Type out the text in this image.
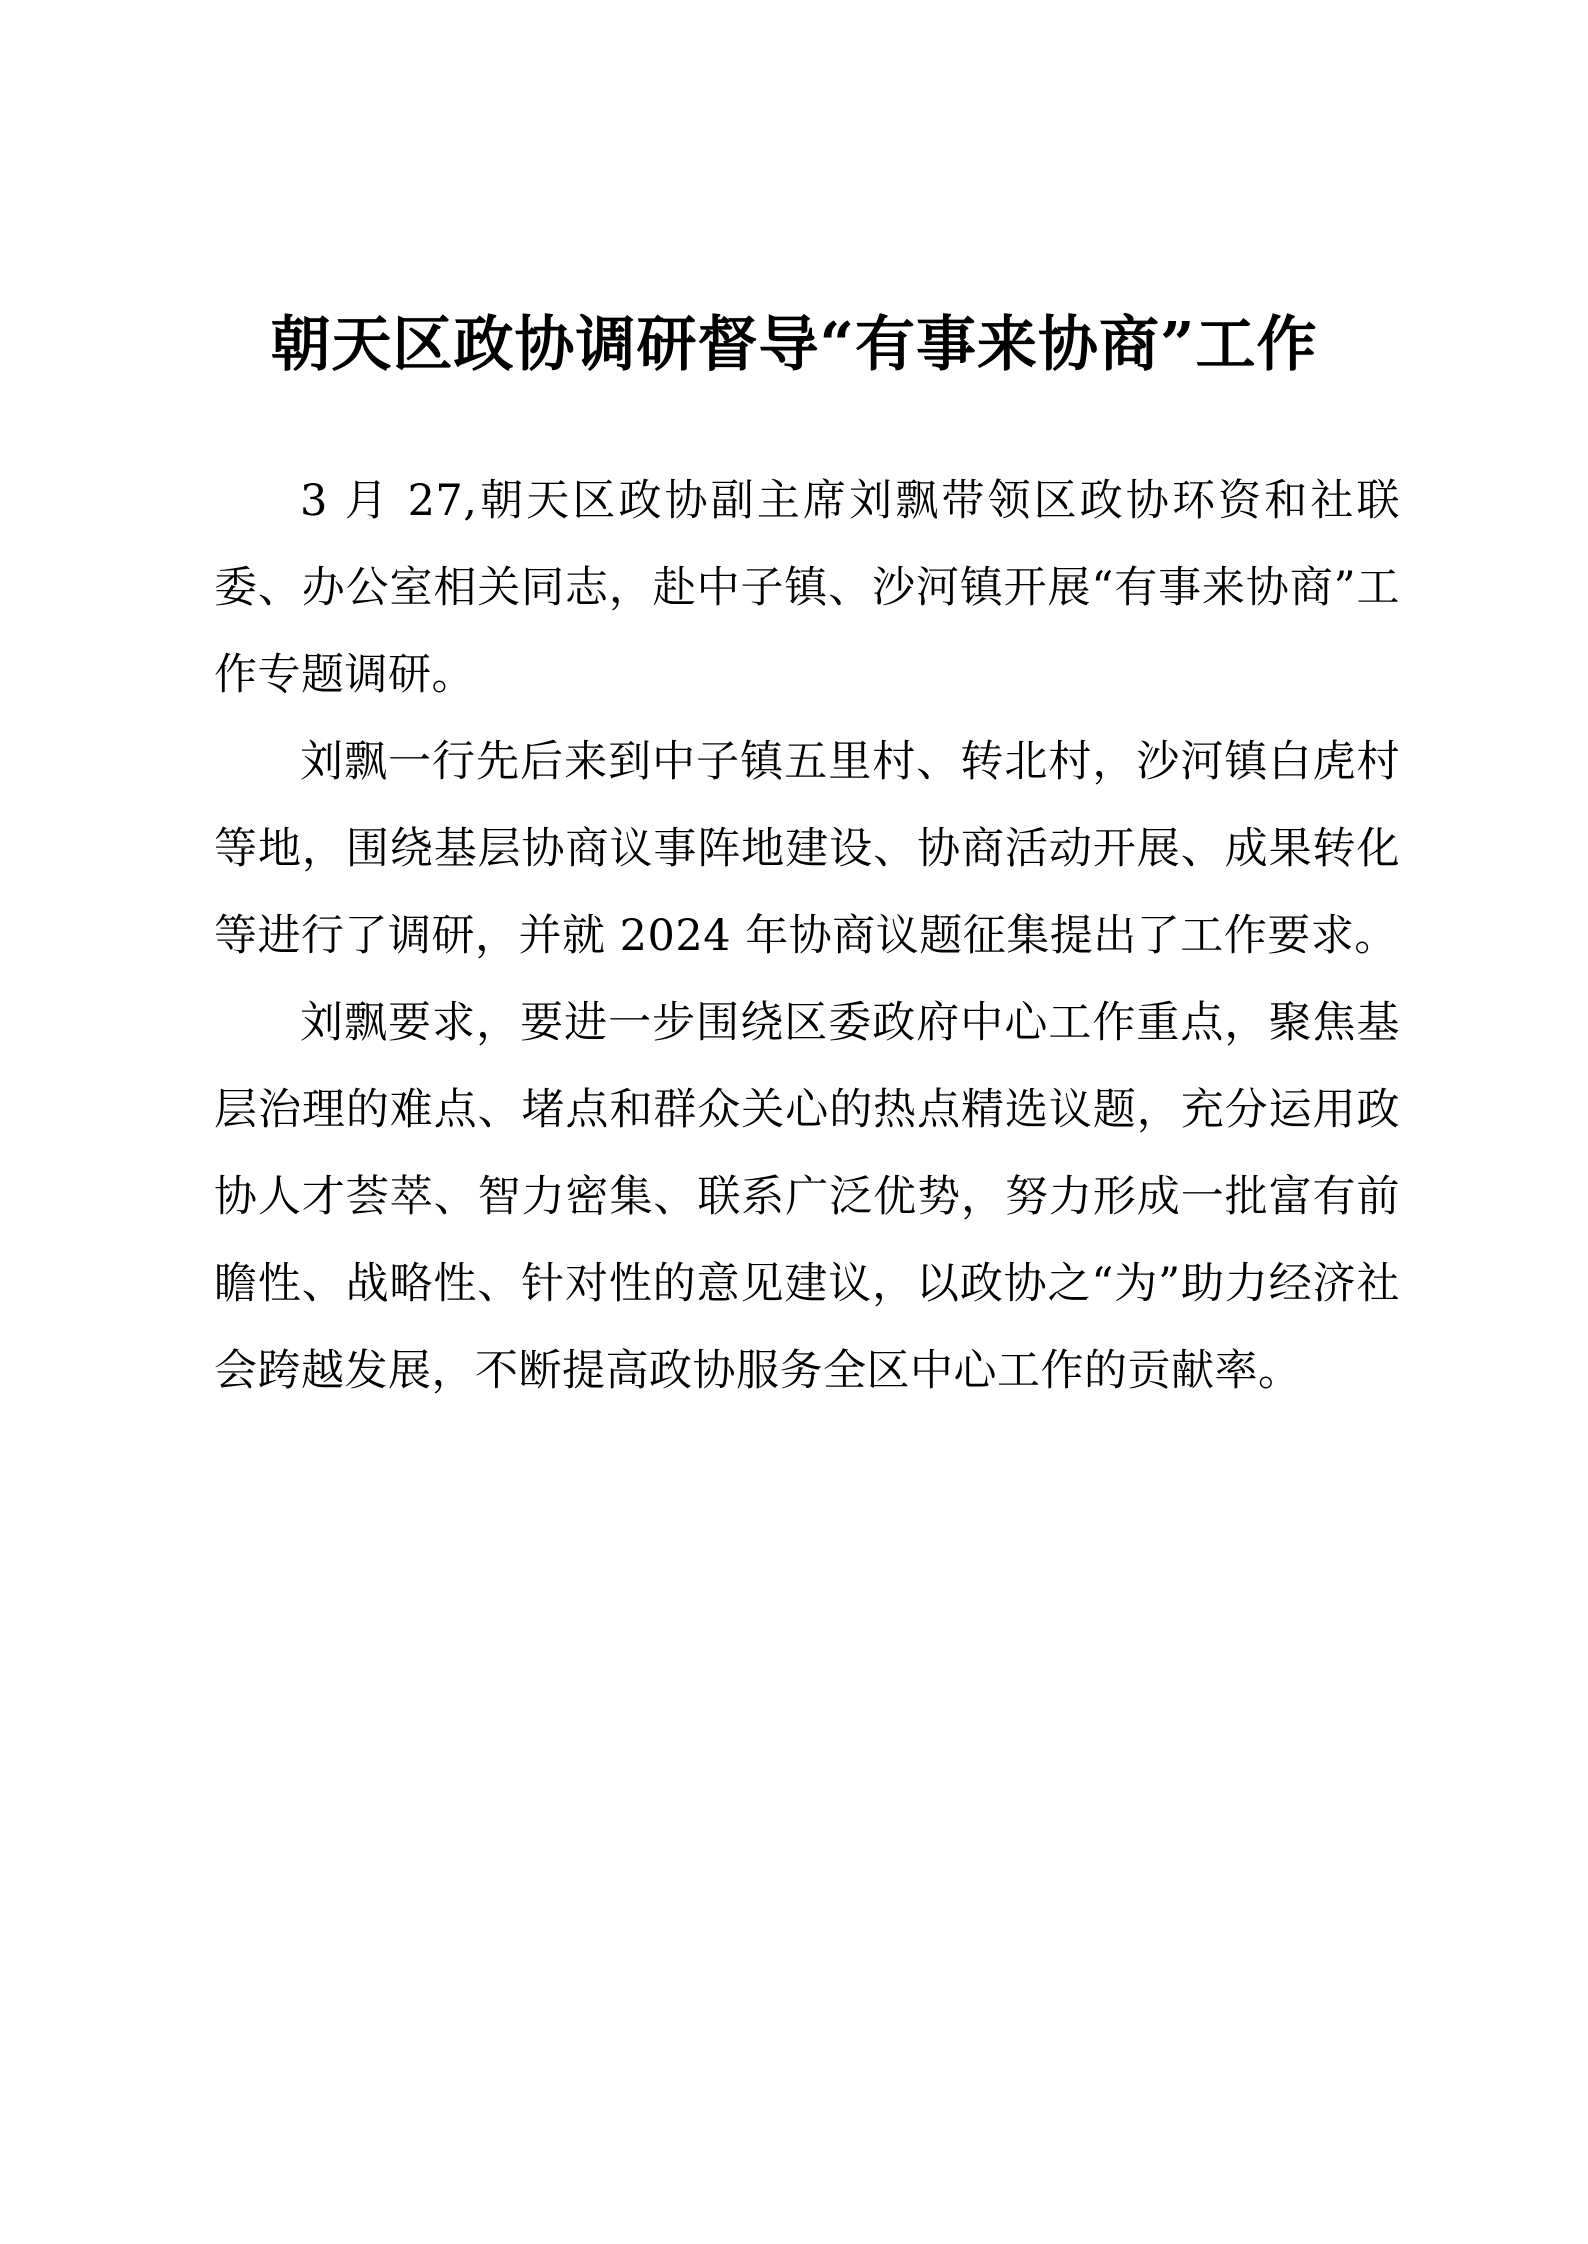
朝天区政协调研督导“有事来协商”工作

3 月 27,朝天区政协副主席刘飘带领区政协环资和社联委、办公室相关同志，赴中子镇、沙河镇开展“有事来协商”工作专题调研。

刘飘一行先后来到中子镇五里村、转北村，沙河镇白虎村等地，围绕基层协商议事阵地建设、协商活动开展、成果转化等进行了调研，并就 2024 年协商议题征集提出了工作要求。

刘飘要求，要进一步围绕区委政府中心工作重点，聚焦基层治理的难点、堵点和群众关心的热点精选议题，充分运用政协人才荟萃、智力密集、联系广泛优势，努力形成一批富有前瞻性、战略性、针对性的意见建议，以政协之“为”助力经济社会跨越发展，不断提高政协服务全区中心工作的贡献率。
